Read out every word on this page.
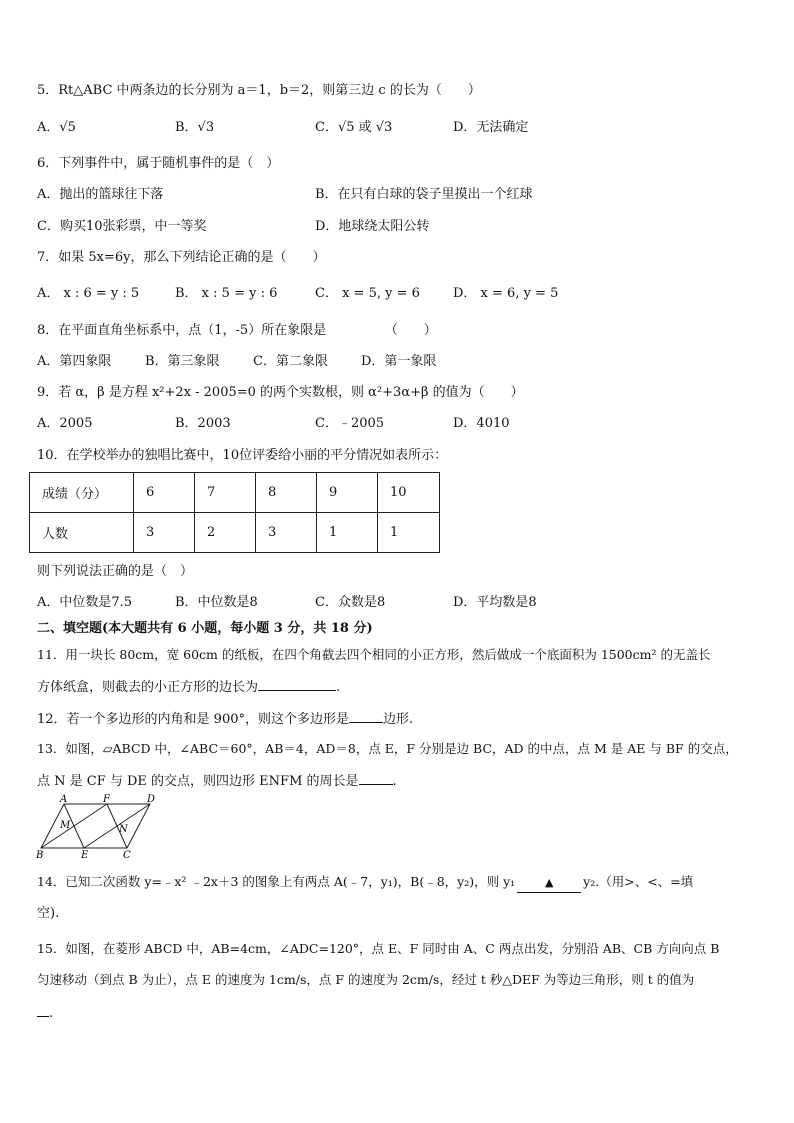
5．Rt△ABC 中两条边的长分别为 a＝1，b＝2，则第三边 c 的长为（　　）
A．√5	B．√3	C．√5 或 √3	D．无法确定
6．下列事件中，属于随机事件的是（　）
A．抛出的篮球往下落	B．在只有白球的袋子里摸出一个红球
C．购买10张彩票，中一等奖	D．地球绕太阳公转
7．如果 5x=6y，那么下列结论正确的是（　　）
A． x : 6 = y : 5	B． x : 5 = y : 6	C． x = 5, y = 6	D． x = 6, y = 5
8．在平面直角坐标系中，点（1，-5）所在象限是　　　　　（　　）
A．第四象限	B．第三象限	C．第二象限	D．第一象限
9．若 α，β 是方程 x²+2x - 2005=0 的两个实数根，则 α²+3α+β 的值为（　　）
A．2005	B．2003	C．﹣2005	D．4010
10．在学校举办的独唱比赛中，10位评委给小丽的平分情况如表所示：
成绩（分）	6	7	8	9	10
人数	3	2	3	1	1
则下列说法正确的是（　）
A．中位数是7.5	B．中位数是8	C．众数是8	D．平均数是8
二、填空题(本大题共有 6 小题，每小题 3 分，共 18 分)
11．用一块长 80cm，宽 60cm 的纸板，在四个角截去四个相同的小正方形，然后做成一个底面积为 1500cm² 的无盖长
方体纸盒，则截去的小正方形的边长为	.
12．若一个多边形的内角和是 900°，则这个多边形是	边形.
13．如图，▱ABCD 中，∠ABC＝60°，AB＝4，AD＝8，点 E，F 分别是边 BC，AD 的中点，点 M 是 AE 与 BF 的交点，
点 N 是 CF 与 DE 的交点，则四边形 ENFM 的周长是	.
A	F	D
M	N
B	E	C
14．已知二次函数 y=﹣x² ﹣2x＋3 的图象上有两点 A(﹣7，y₁)，B(﹣8，y₂)，则 y₁	▲ y₂.（用>、<、=填
空).
15．如图，在菱形 ABCD 中，AB=4cm，∠ADC=120°，点 E、F 同时由 A、C 两点出发，分别沿 AB、CB 方向向点 B
匀速移动（到点 B 为止），点 E 的速度为 1cm/s，点 F 的速度为 2cm/s，经过 t 秒△DEF 为等边三角形，则 t 的值为
.
